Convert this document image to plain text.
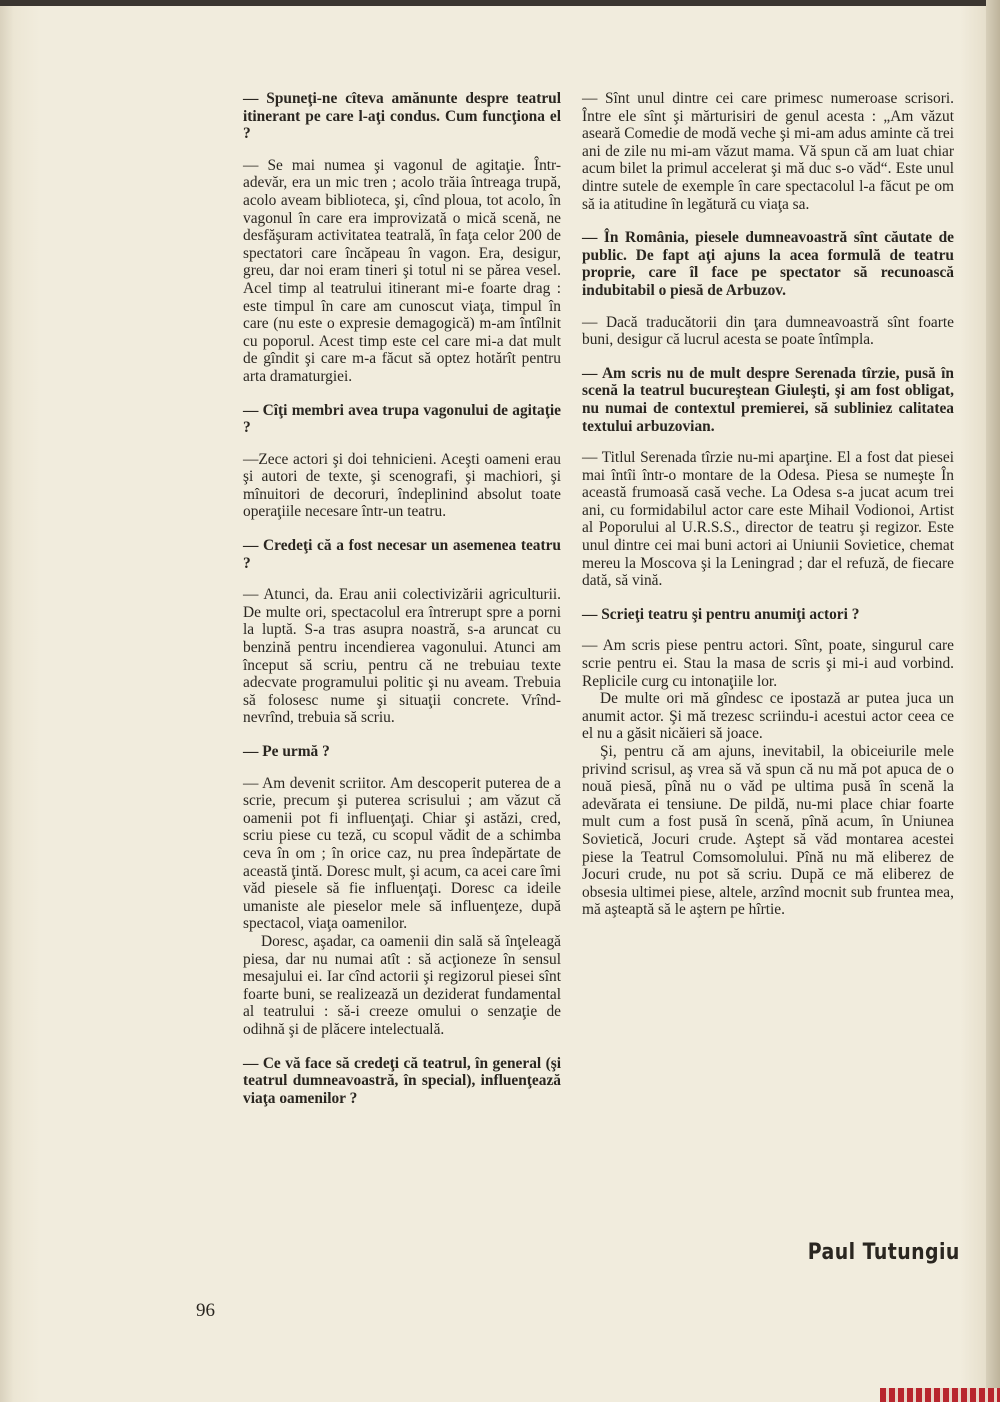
— Spuneţi-ne cîteva amănunte despre teatrul itinerant pe care l-aţi condus. Cum funcţiona el ?

— Se mai numea şi vagonul de agitaţie. Într-adevăr, era un mic tren ; acolo trăia întreaga trupă, acolo aveam biblioteca, şi, cînd ploua, tot acolo, în vagonul în care era improvizată o mică scenă, ne desfăşuram activitatea teatrală, în faţa celor 200 de spectatori care încăpeau în vagon. Era, desigur, greu, dar noi eram tineri şi totul ni se părea vesel. Acel timp al teatrului itinerant mi-e foarte drag : este timpul în care am cunoscut viaţa, timpul în care (nu este o expresie demagogică) m-am întîlnit cu poporul. Acest timp este cel care mi-a dat mult de gîndit şi care m-a făcut să optez hotărît pentru arta dramaturgiei.

— Cîţi membri avea trupa vagonului de agitaţie ?

—Zece actori şi doi tehnicieni. Aceşti oameni erau şi autori de texte, şi scenografi, şi machiori, şi mînuitori de decoruri, îndeplinind absolut toate operaţiile necesare într-un teatru.

— Credeţi că a fost necesar un asemenea teatru ?

— Atunci, da. Erau anii colectivizării agriculturii. De multe ori, spectacolul era întrerupt spre a porni la luptă. S-a tras asupra noastră, s-a aruncat cu benzină pentru incendierea vagonului. Atunci am început să scriu, pentru că ne trebuiau texte adecvate programului politic şi nu aveam. Trebuia să folosesc nume şi situaţii concrete. Vrînd-nevrînd, trebuia să scriu.

— Pe urmă ?

— Am devenit scriitor. Am descoperit puterea de a scrie, precum şi puterea scrisului ; am văzut că oamenii pot fi influenţaţi. Chiar şi astăzi, cred, scriu piese cu teză, cu scopul vădit de a schimba ceva în om ; în orice caz, nu prea îndepărtate de această ţintă. Doresc mult, şi acum, ca acei care îmi văd piesele să fie influenţaţi. Doresc ca ideile umaniste ale pieselor mele să influenţeze, după spectacol, viaţa oamenilor.

Doresc, aşadar, ca oamenii din sală să înţeleagă piesa, dar nu numai atît : să acţioneze în sensul mesajului ei. Iar cînd actorii şi regizorul piesei sînt foarte buni, se realizează un deziderat fundamental al teatrului : să-i creeze omului o senzaţie de odihnă şi de plăcere intelectuală.

— Ce vă face să credeţi că teatrul, în general (şi teatrul dumneavoastră, în special), influenţează viaţa oamenilor ?

— Sînt unul dintre cei care primesc numeroase scrisori. Între ele sînt şi mărturisiri de genul acesta : „Am văzut aseară Comedie de modă veche şi mi-am adus aminte că trei ani de zile nu mi-am văzut mama. Vă spun că am luat chiar acum bilet la primul accelerat şi mă duc s-o văd“. Este unul dintre sutele de exemple în care spectacolul l-a făcut pe om să ia atitudine în legătură cu viaţa sa.

— În România, piesele dumneavoastră sînt căutate de public. De fapt aţi ajuns la acea formulă de teatru proprie, care îl face pe spectator să recunoască indubitabil o piesă de Arbuzov.

— Dacă traducătorii din ţara dumneavoastră sînt foarte buni, desigur că lucrul acesta se poate întîmpla.

— Am scris nu de mult despre Serenada tîrzie, pusă în scenă la teatrul bucureştean Giuleşti, şi am fost obligat, nu numai de contextul premierei, să subliniez calitatea textului arbuzovian.

— Titlul Serenada tîrzie nu-mi aparţine. El a fost dat piesei mai întîi într-o montare de la Odesa. Piesa se numeşte În această frumoasă casă veche. La Odesa s-a jucat acum trei ani, cu formidabilul actor care este Mihail Vodionoi, Artist al Poporului al U.R.S.S., director de teatru şi regizor. Este unul dintre cei mai buni actori ai Uniunii Sovietice, chemat mereu la Moscova şi la Leningrad ; dar el refuză, de fiecare dată, să vină.

— Scrieţi teatru şi pentru anumiţi actori ?

— Am scris piese pentru actori. Sînt, poate, singurul care scrie pentru ei. Stau la masa de scris şi mi-i aud vorbind. Replicile curg cu intonaţiile lor.

De multe ori mă gîndesc ce ipostază ar putea juca un anumit actor. Şi mă trezesc scriindu-i acestui actor ceea ce el nu a găsit nicăieri să joace.

Şi, pentru că am ajuns, inevitabil, la obiceiurile mele privind scrisul, aş vrea să vă spun că nu mă pot apuca de o nouă piesă, pînă nu o văd pe ultima pusă în scenă la adevărata ei tensiune. De pildă, nu-mi place chiar foarte mult cum a fost pusă în scenă, pînă acum, în Uniunea Sovietică, Jocuri crude. Aştept să văd montarea acestei piese la Teatrul Comsomolului. Pînă nu mă eliberez de Jocuri crude, nu pot să scriu. După ce mă eliberez de obsesia ultimei piese, altele, arzînd mocnit sub fruntea mea, mă aşteaptă să le aştern pe hîrtie.

Paul Tutungiu
96
